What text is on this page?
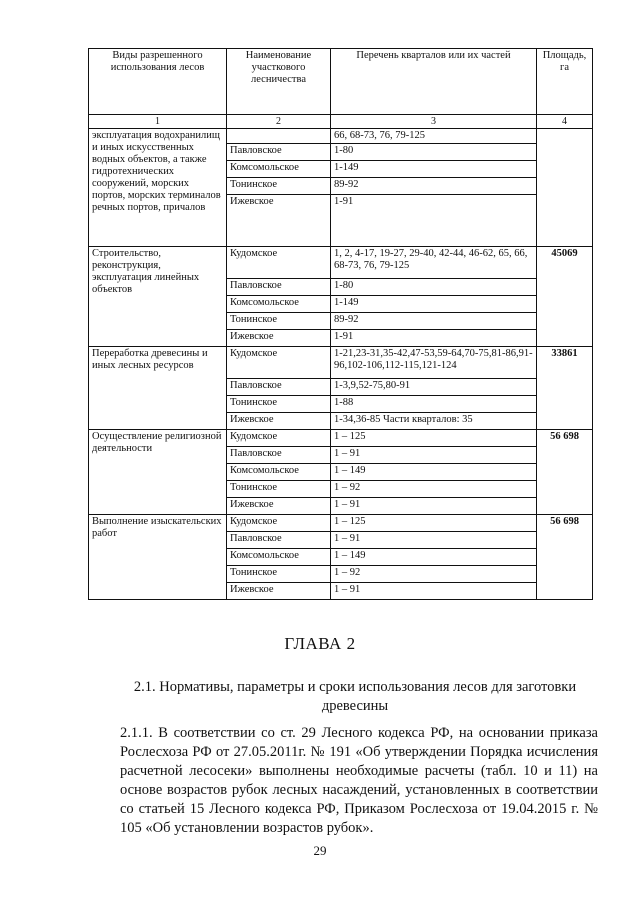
Виды разрешенного использования лесов	Наименование участкового лесничества	Перечень кварталов или их частей	Площадь, га
1	2	3	4
эксплуатация водохранилищ и иных искусственных водных объектов, а также гидротехнических сооружений, морских портов, морских терминалов речных портов, причалов		66, 68-73, 76, 79-125	
	Павловское	1-80	
	Комсомольское	1-149	
	Тонинское	89-92	
	Ижевское	1-91	
Строительство, реконструкция, эксплуатация линейных объектов	Кудомское	1, 2, 4-17, 19-27, 29-40, 42-44, 46-62, 65, 66, 68-73, 76, 79-125	45069
	Павловское	1-80	
	Комсомольское	1-149	
	Тонинское	89-92	
	Ижевское	1-91	
Переработка древесины и иных лесных ресурсов	Кудомское	1-21,23-31,35-42,47-53,59-64,70-75,81-86,91-96,102-106,112-115,121-124	33861
	Павловское	1-3,9,52-75,80-91	
	Тонинское	1-88	
	Ижевское	1-34,36-85 Части кварталов: 35	
Осуществление религиозной деятельности	Кудомское	1 – 125	56 698
	Павловское	1 – 91	
	Комсомольское	1 – 149	
	Тонинское	1 – 92	
	Ижевское	1 – 91	
Выполнение изыскательских работ	Кудомское	1 – 125	56 698
	Павловское	1 – 91	
	Комсомольское	1 – 149	
	Тонинское	1 – 92	
	Ижевское	1 – 91	
ГЛАВА 2
2.1. Нормативы, параметры и сроки использования лесов для заготовки древесины
2.1.1. В соответствии со ст. 29 Лесного кодекса РФ, на основании приказа Рослесхоза РФ от 27.05.2011г. № 191 «Об утверждении Порядка исчисления расчетной лесосеки» выполнены необходимые расчеты (табл. 10 и 11) на основе возрастов рубок лесных насаждений, установленных в соответствии со статьей 15 Лесного кодекса РФ, Приказом Рослесхоза от 19.04.2015 г. № 105 «Об установлении возрастов рубок».
29
